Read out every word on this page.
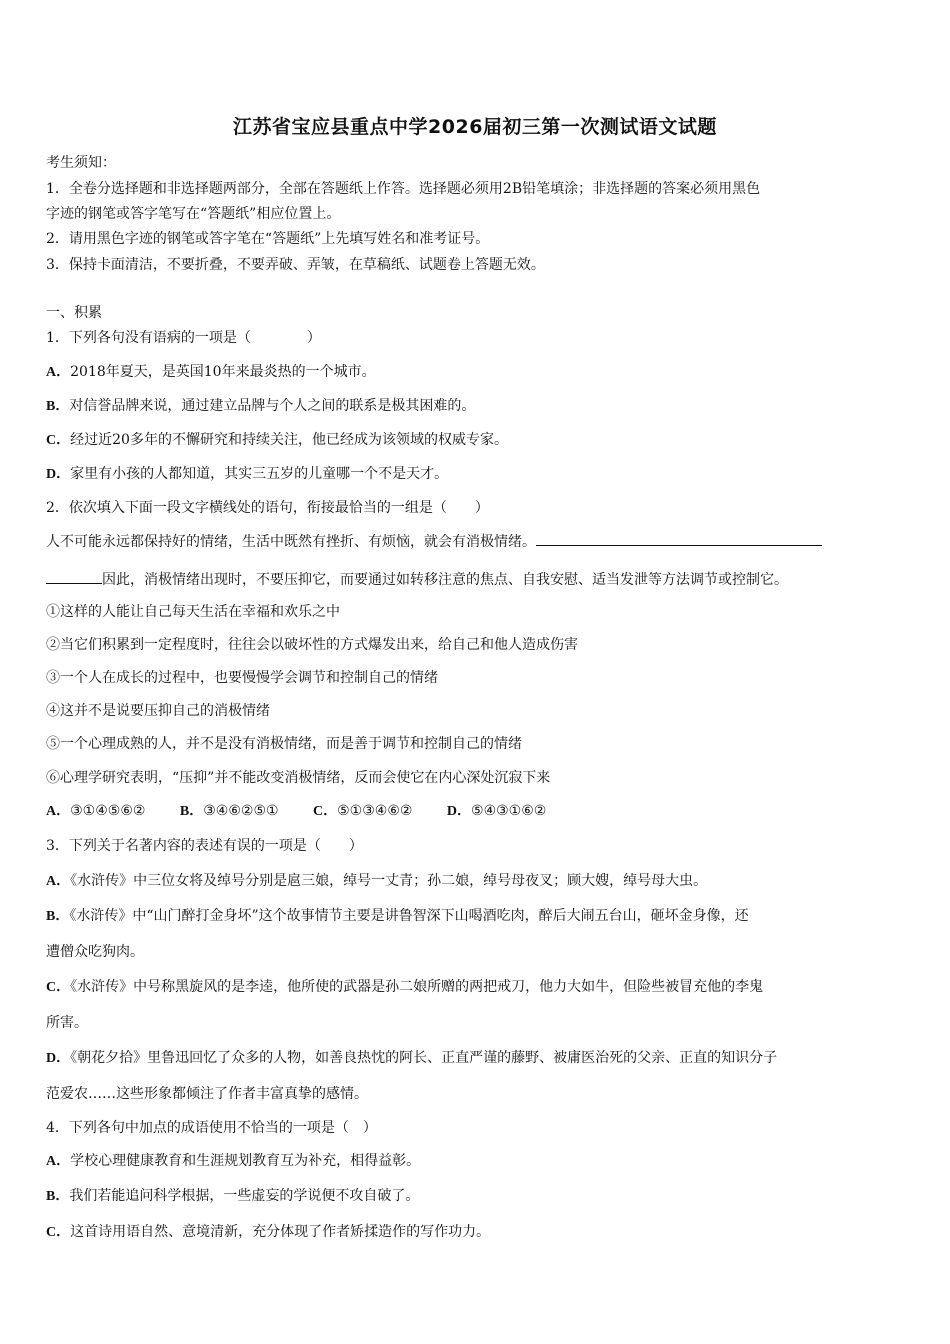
江苏省宝应县重点中学2026届初三第一次测试语文试题
考生须知：
1．全卷分选择题和非选择题两部分，全部在答题纸上作答。选择题必须用2B铅笔填涂；非选择题的答案必须用黑色
字迹的钢笔或答字笔写在“答题纸”相应位置上。
2．请用黑色字迹的钢笔或答字笔在“答题纸”上先填写姓名和准考证号。
3．保持卡面清洁，不要折叠，不要弄破、弄皱，在草稿纸、试题卷上答题无效。
一、积累
1．下列各句没有语病的一项是（　　　　）
A．2018年夏天，是英国10年来最炎热的一个城市。
B．对信誉品牌来说，通过建立品牌与个人之间的联系是极其困难的。
C．经过近20多年的不懈研究和持续关注，他已经成为该领域的权威专家。
D．家里有小孩的人都知道，其实三五岁的儿童哪一个不是天才。
2．依次填入下面一段文字横线处的语句，衔接最恰当的一组是（　　）
人不可能永远都保持好的情绪，生活中既然有挫折、有烦恼，就会有消极情绪。
因此，消极情绪出现时，不要压抑它，而要通过如转移注意的焦点、自我安慰、适当发泄等方法调节或控制它。
①这样的人能让自己每天生活在幸福和欢乐之中
②当它们积累到一定程度时，往往会以破坏性的方式爆发出来，给自己和他人造成伤害
③一个人在成长的过程中，也要慢慢学会调节和控制自己的情绪
④这并不是说要压抑自己的消极情绪
⑤一个心理成熟的人，并不是没有消极情绪，而是善于调节和控制自己的情绪
⑥心理学研究表明，“压抑”并不能改变消极情绪，反而会使它在内心深处沉寂下来
A．③①④⑤⑥② B．③④⑥②⑤① C．⑤①③④⑥② D．⑤④③①⑥②
3．下列关于名著内容的表述有误的一项是（　　）
A．《水浒传》中三位女将及绰号分别是扈三娘，绰号一丈青；孙二娘，绰号母夜叉；顾大嫂，绰号母大虫。
B．《水浒传》中“山门醉打金身坏”这个故事情节主要是讲鲁智深下山喝酒吃肉，醉后大闹五台山，砸坏金身像，还
遭僧众吃狗肉。
C．《水浒传》中号称黑旋风的是李逵，他所使的武器是孙二娘所赠的两把戒刀，他力大如牛，但险些被冒充他的李鬼
所害。
D．《朝花夕拾》里鲁迅回忆了众多的人物，如善良热忱的阿长、正直严谨的藤野、被庸医治死的父亲、正直的知识分子
范爱农……这些形象都倾注了作者丰富真挚的感情。
4．下列各句中加点的成语使用不恰当的一项是（　）
A．学校心理健康教育和生涯规划教育互为补充，相得益彰。
B．我们若能追问科学根据，一些虚妄的学说便不攻自破了。
C．这首诗用语自然、意境清新，充分体现了作者矫揉造作的写作功力。
